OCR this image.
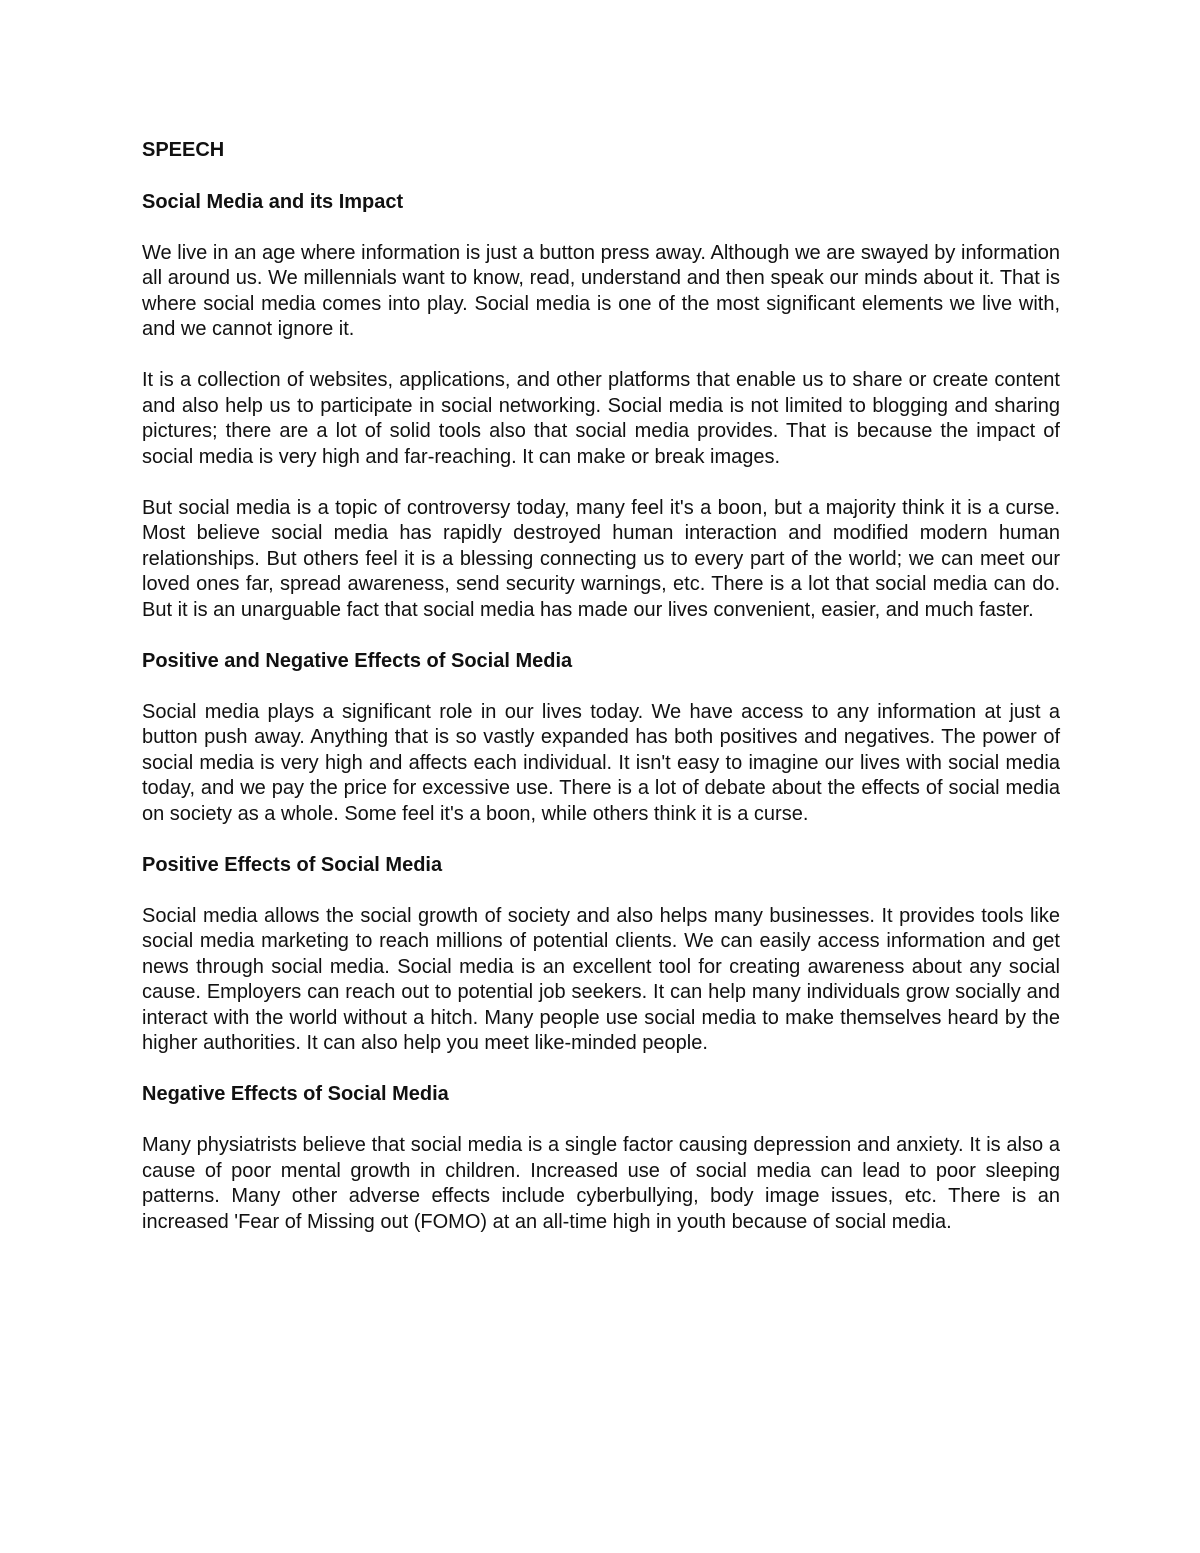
SPEECH
Social Media and its Impact

We live in an age where information is just a button press away. Although we are swayed by information all around us. We millennials want to know, read, understand and then speak our minds about it. That is where social media comes into play. Social media is one of the most significant elements we live with, and we cannot ignore it.

It is a collection of websites, applications, and other platforms that enable us to share or create content and also help us to participate in social networking. Social media is not limited to blogging and sharing pictures; there are a lot of solid tools also that social media provides. That is because the impact of social media is very high and far-reaching. It can make or break images.

But social media is a topic of controversy today, many feel it's a boon, but a majority think it is a curse. Most believe social media has rapidly destroyed human interaction and modified modern human relationships. But others feel it is a blessing connecting us to every part of the world; we can meet our loved ones far, spread awareness, send security warnings, etc. There is a lot that social media can do. But it is an unarguable fact that social media has made our lives convenient, easier, and much faster.

Positive and Negative Effects of Social Media

Social media plays a significant role in our lives today. We have access to any information at just a button push away. Anything that is so vastly expanded has both positives and negatives. The power of social media is very high and affects each individual. It isn't easy to imagine our lives with social media today, and we pay the price for excessive use. There is a lot of debate about the effects of social media on society as a whole. Some feel it's a boon, while others think it is a curse.

Positive Effects of Social Media

Social media allows the social growth of society and also helps many businesses. It provides tools like social media marketing to reach millions of potential clients. We can easily access information and get news through social media. Social media is an excellent tool for creating awareness about any social cause. Employers can reach out to potential job seekers. It can help many individuals grow socially and interact with the world without a hitch. Many people use social media to make themselves heard by the higher authorities. It can also help you meet like-minded people.

Negative Effects of Social Media

Many physiatrists believe that social media is a single factor causing depression and anxiety. It is also a cause of poor mental growth in children. Increased use of social media can lead to poor sleeping patterns. Many other adverse effects include cyberbullying, body image issues, etc. There is an increased 'Fear of Missing out (FOMO) at an all-time high in youth because of social media.
